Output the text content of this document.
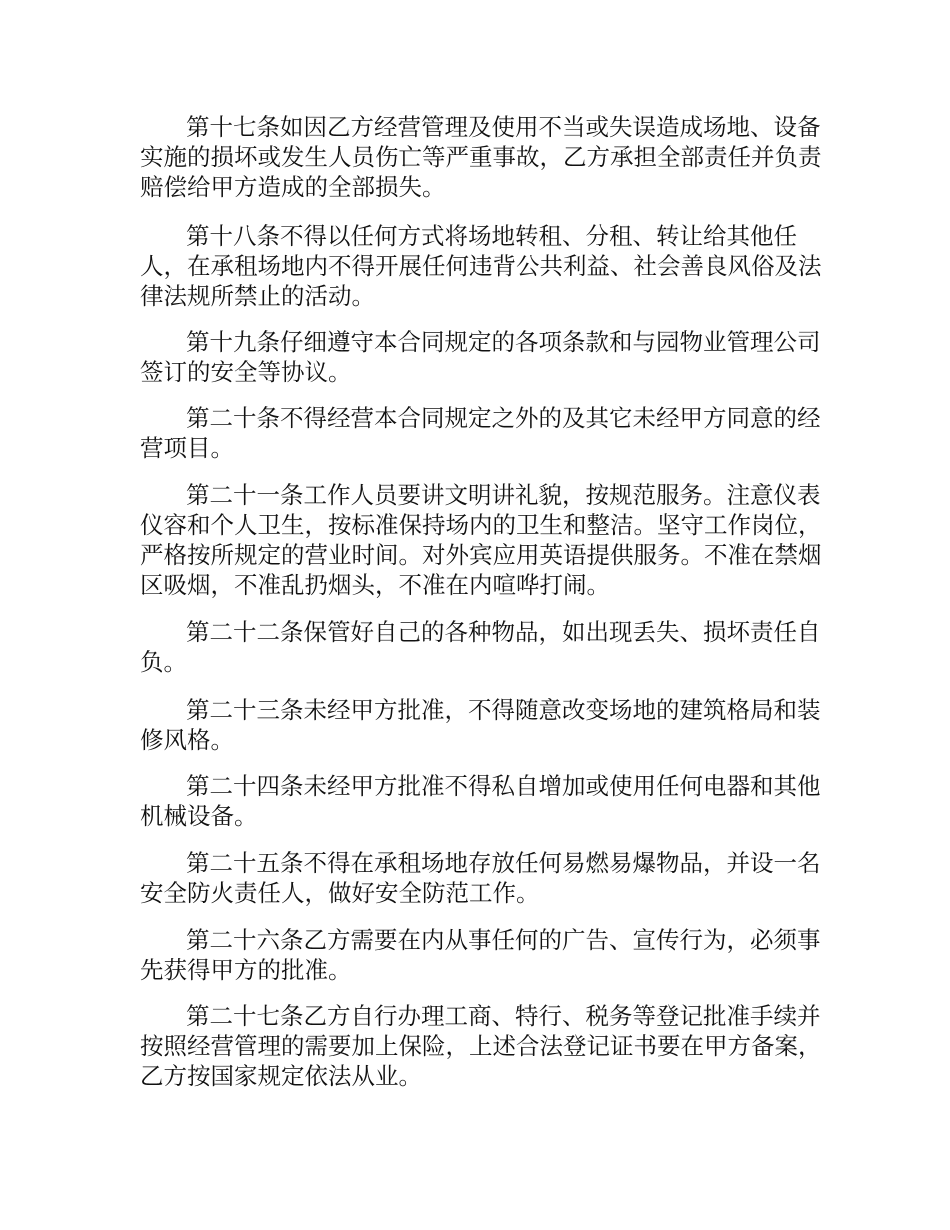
第十七条如因乙方经营管理及使用不当或失误造成场地、设备实施的损坏或发生人员伤亡等严重事故，乙方承担全部责任并负责赔偿给甲方造成的全部损失。

第十八条不得以任何方式将场地转租、分租、转让给其他任人，在承租场地内不得开展任何违背公共利益、社会善良风俗及法律法规所禁止的活动。

第十九条仔细遵守本合同规定的各项条款和与园物业管理公司签订的安全等协议。

第二十条不得经营本合同规定之外的及其它未经甲方同意的经营项目。

第二十一条工作人员要讲文明讲礼貌，按规范服务。注意仪表仪容和个人卫生，按标准保持场内的卫生和整洁。坚守工作岗位，严格按所规定的营业时间。对外宾应用英语提供服务。不准在禁烟区吸烟，不准乱扔烟头，不准在内喧哗打闹。

第二十二条保管好自己的各种物品，如出现丢失、损坏责任自负。

第二十三条未经甲方批准，不得随意改变场地的建筑格局和装修风格。

第二十四条未经甲方批准不得私自增加或使用任何电器和其他机械设备。

第二十五条不得在承租场地存放任何易燃易爆物品，并设一名安全防火责任人，做好安全防范工作。

第二十六条乙方需要在内从事任何的广告、宣传行为，必须事先获得甲方的批准。

第二十七条乙方自行办理工商、特行、税务等登记批准手续并按照经营管理的需要加上保险，上述合法登记证书要在甲方备案，乙方按国家规定依法从业。
